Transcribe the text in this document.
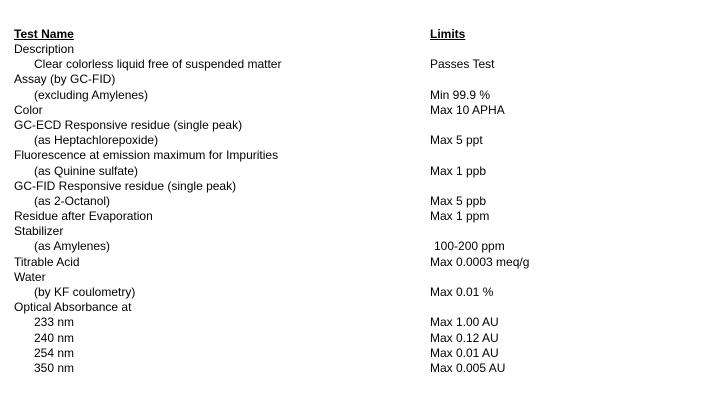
Test Name	Limits
Description
Clear colorless liquid free of suspended matter	Passes Test
Assay (by GC-FID)
(excluding Amylenes)	Min 99.9 %
Color	Max 10 APHA
GC-ECD Responsive residue (single peak)
(as Heptachlorepoxide)	Max 5 ppt
Fluorescence at emission maximum for Impurities
(as Quinine sulfate)	Max 1 ppb
GC-FID Responsive residue (single peak)
(as 2-Octanol)	Max 5 ppb
Residue after Evaporation	Max 1 ppm
Stabilizer
(as Amylenes)	100-200 ppm
Titrable Acid	Max 0.0003 meq/g
Water
(by KF coulometry)	Max 0.01 %
Optical Absorbance at
233 nm	Max 1.00 AU
240 nm	Max 0.12 AU
254 nm	Max 0.01 AU
350 nm	Max 0.005 AU
